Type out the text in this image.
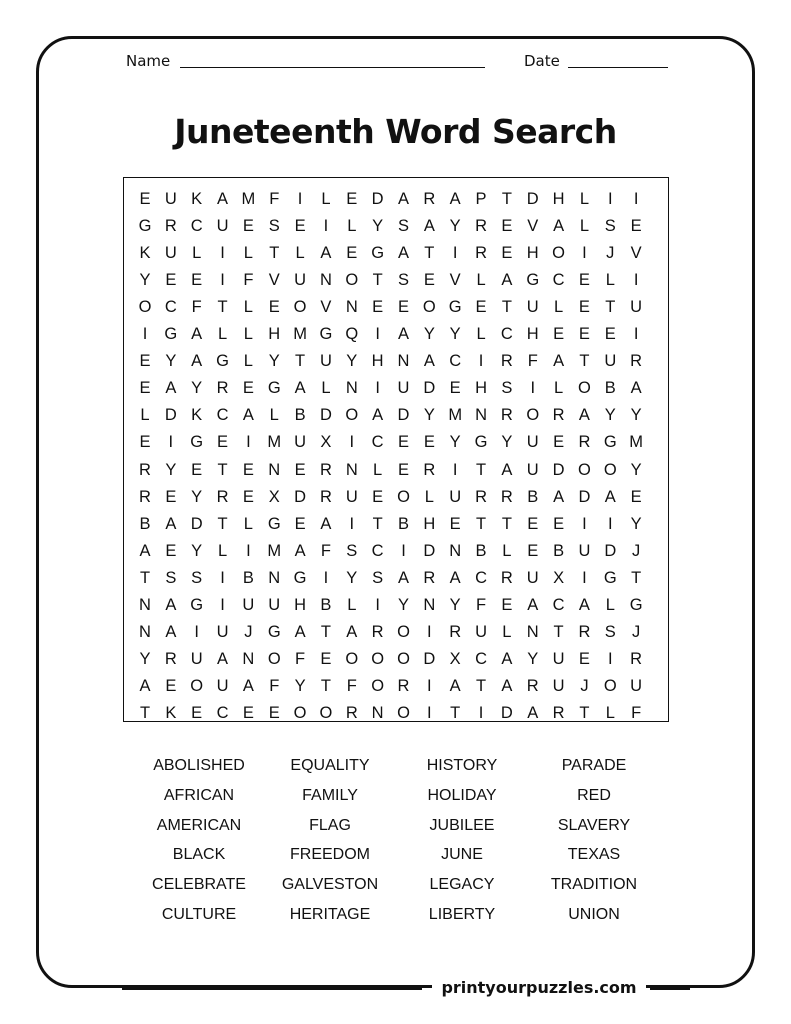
Name	Date
Juneteenth Word Search
E U K A M F	I	L E D A R A P T D H L	I	I
G R C U E S E	I	L Y S A Y R E V A L S E
K U L	I	L T L A E G A T	I	R E H O	I	J V
Y E E	I	F V U N O T S E V L A G C E L	I
O C F T L E O V N E E O G E T U L E T U
I	G A L	L H M G Q	I	A Y Y L C H E E E	I
E Y A G L Y T U Y H N A C	I	R F A T U R
E A Y R E G A L N	I	U D E H S	I	L O B A
L D K C A L B D O A D Y M N R O R A Y Y
E	I	G E	I	M U X	I	C E E Y G Y U E R G M
R Y E T E N E R N L E R	I	T A U D O O Y
R E Y R E X D R U E O L U R R B A D A E
B A D T L G E A	I	T B H E T T E E	I	I	Y
A E Y L	I	M A F S C	I	D N B L E B U D J
T S S	I	B N G	I	Y S A R A C R U X	I	G T
N A G	I	U U H B L	I	Y N Y F E A C A L G
N A	I	U J G A T A R O	I	R U L N T R S J
Y R U A N O F E O O O D X C A Y U E	I	R
A E O U A F Y T F O R	I	A T A R U J O U
T K E C E E O O R N O	I	T	I	D A R T L F
ABOLISHED	EQUALITY	HISTORY	PARADE
AFRICAN	FAMILY	HOLIDAY	RED
AMERICAN	FLAG	JUBILEE	SLAVERY
BLACK	FREEDOM	JUNE	TEXAS
CELEBRATE	GALVESTON	LEGACY	TRADITION
CULTURE	HERITAGE	LIBERTY	UNION
printyourpuzzles.com
